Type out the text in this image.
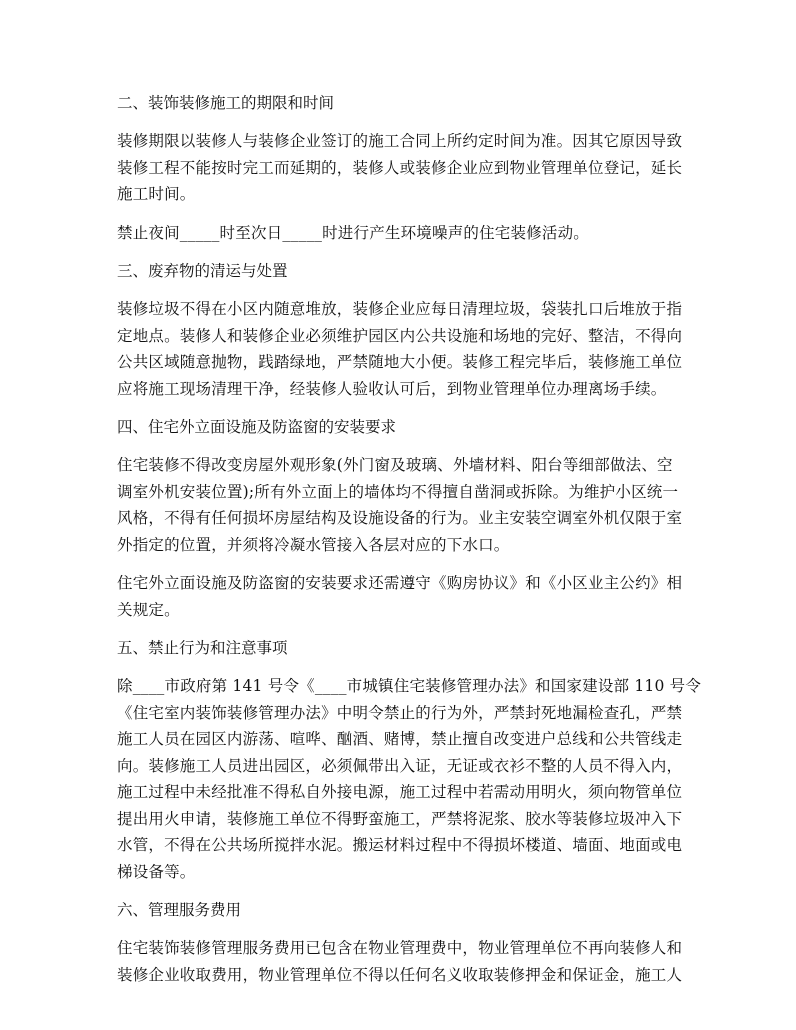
二、装饰装修施工的期限和时间
装修期限以装修人与装修企业签订的施工合同上所约定时间为准。因其它原因导致
装修工程不能按时完工而延期的，装修人或装修企业应到物业管理单位登记，延长
施工时间。
禁止夜间_____时至次日_____时进行产生环境噪声的住宅装修活动。
三、废弃物的清运与处置
装修垃圾不得在小区内随意堆放，装修企业应每日清理垃圾，袋装扎口后堆放于指
定地点。装修人和装修企业必须维护园区内公共设施和场地的完好、整洁，不得向
公共区域随意抛物，践踏绿地，严禁随地大小便。装修工程完毕后，装修施工单位
应将施工现场清理干净，经装修人验收认可后，到物业管理单位办理离场手续。
四、住宅外立面设施及防盗窗的安装要求
住宅装修不得改变房屋外观形象(外门窗及玻璃、外墙材料、阳台等细部做法、空
调室外机安装位置);所有外立面上的墙体均不得擅自凿洞或拆除。为维护小区统一
风格，不得有任何损坏房屋结构及设施设备的行为。业主安装空调室外机仅限于室
外指定的位置，并须将冷凝水管接入各层对应的下水口。
住宅外立面设施及防盗窗的安装要求还需遵守《购房协议》和《小区业主公约》相
关规定。
五、禁止行为和注意事项
除____市政府第 141 号令《____市城镇住宅装修管理办法》和国家建设部 110 号令
《住宅室内装饰装修管理办法》中明令禁止的行为外，严禁封死地漏检查孔，严禁
施工人员在园区内游荡、喧哗、酗酒、赌博，禁止擅自改变进户总线和公共管线走
向。装修施工人员进出园区，必须佩带出入证，无证或衣衫不整的人员不得入内，
施工过程中未经批准不得私自外接电源，施工过程中若需动用明火，须向物管单位
提出用火申请，装修施工单位不得野蛮施工，严禁将泥浆、胶水等装修垃圾冲入下
水管，不得在公共场所搅拌水泥。搬运材料过程中不得损坏楼道、墙面、地面或电
梯设备等。
六、管理服务费用
住宅装饰装修管理服务费用已包含在物业管理费中，物业管理单位不再向装修人和
装修企业收取费用，物业管理单位不得以任何名义收取装修押金和保证金，施工人
